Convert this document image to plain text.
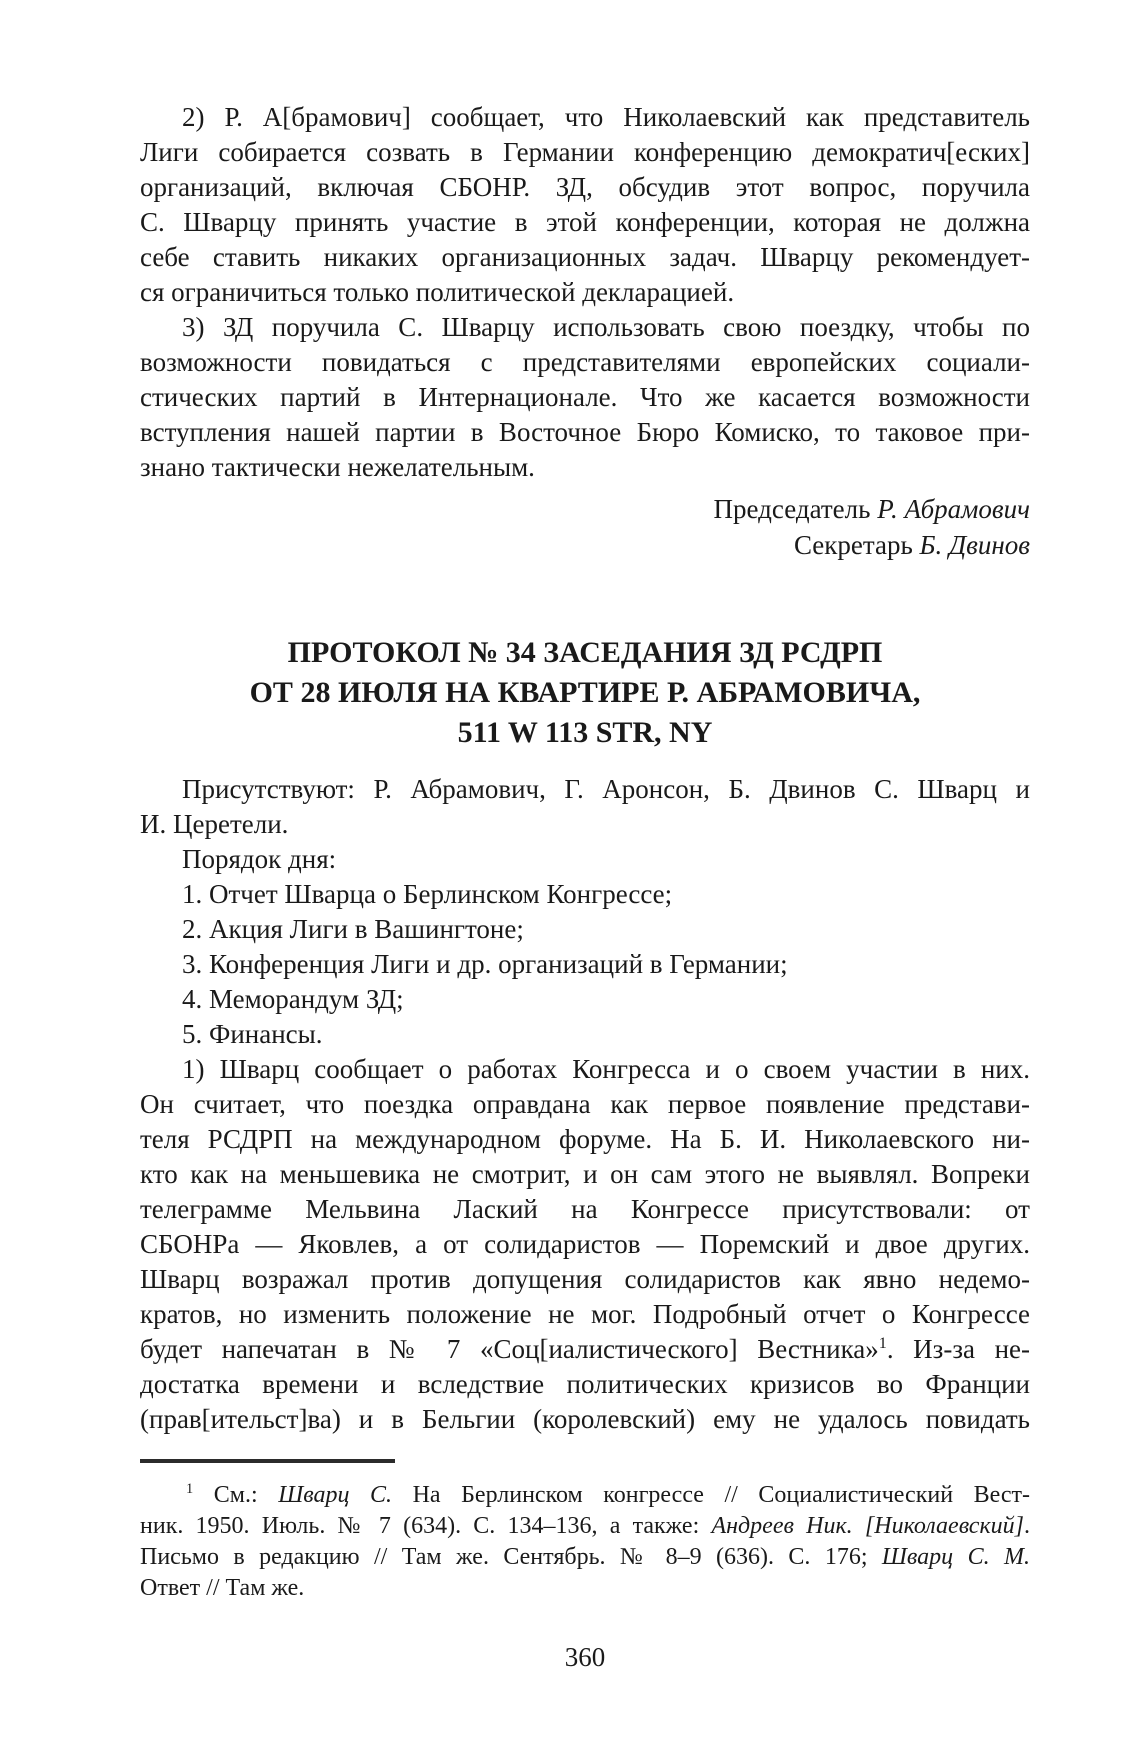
2) Р. А[брамович] сообщает, что Николаевский как представитель
Лиги собирается созвать в Германии конференцию демократич[еских]
организаций, включая СБОНР. ЗД, обсудив этот вопрос, поручила
С. Шварцу принять участие в этой конференции, которая не должна
себе ставить никаких организационных задач. Шварцу рекомендует-
ся ограничиться только политической декларацией.
3) ЗД поручила С. Шварцу использовать свою поездку, чтобы по
возможности повидаться с представителями европейских социали-
стических партий в Интернационале. Что же касается возможности
вступления нашей партии в Восточное Бюро Комиско, то таковое при-
знано тактически нежелательным.
Председатель Р. Абрамович
Секретарь Б. Двинов
ПРОТОКОЛ № 34 ЗАСЕДАНИЯ ЗД РСДРП
ОТ 28 ИЮЛЯ НА КВАРТИРЕ Р. АБРАМОВИЧА,
511 W 113 STR, NY
Присутствуют: Р. Абрамович, Г. Аронсон, Б. Двинов С. Шварц и
И. Церетели.
Порядок дня:
1. Отчет Шварца о Берлинском Конгрессе;
2. Акция Лиги в Вашингтоне;
3. Конференция Лиги и др. организаций в Германии;
4. Меморандум ЗД;
5. Финансы.
1) Шварц сообщает о работах Конгресса и о своем участии в них.
Он считает, что поездка оправдана как первое появление представи-
теля РСДРП на международном форуме. На Б. И. Николаевского ни-
кто как на меньшевика не смотрит, и он сам этого не выявлял. Вопреки
телеграмме Мельвина Лаский на Конгрессе присутствовали: от
СБОНРа — Яковлев, а от солидаристов — Поремский и двое других.
Шварц возражал против допущения солидаристов как явно недемо-
кратов, но изменить положение не мог. Подробный отчет о Конгрессе
будет напечатан в № 7 «Соц[иалистического] Вестника»$^1$. Из-за не-
достатка времени и вследствие политических кризисов во Франции
(прав[ительст]ва) и в Бельгии (королевский) ему не удалось повидать
$^1$ См.: Шварц С. На Берлинском конгрессе // Социалистический Вест-
ник. 1950. Июль. № 7 (634). С. 134–136, а также: Андреев Ник. [Николаевский].
Письмо в редакцию // Там же. Сентябрь. № 8–9 (636). С. 176; Шварц С. М.
Ответ // Там же.
360
